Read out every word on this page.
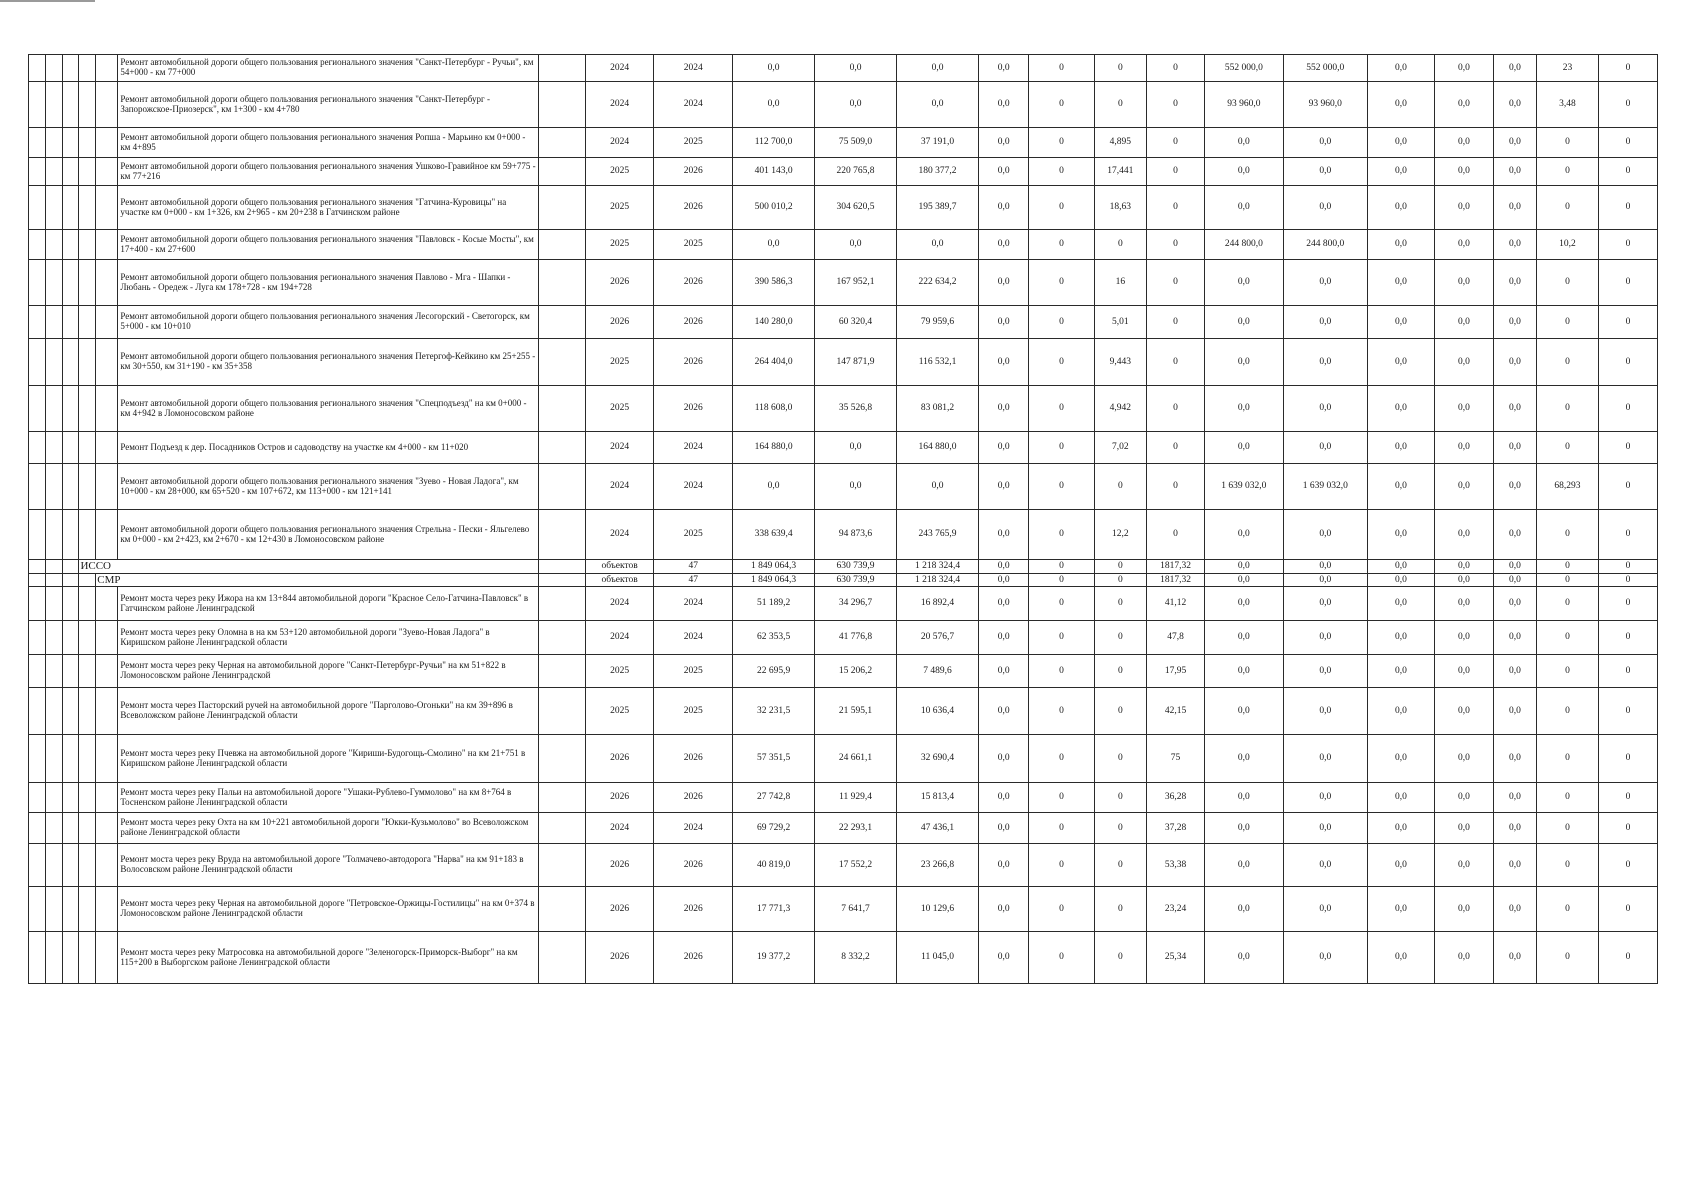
					Ремонт автомобильной дороги общего пользования регионального значения "Санкт-Петербург - Ручьи", км 54+000 - км 77+000		2024	2024	0,0	0,0	0,0	0,0	0	0	0	552 000,0	552 000,0	0,0	0,0	0,0	23	0
					Ремонт автомобильной дороги общего пользования регионального значения "Санкт-Петербург - Запорожское-Приозерск", км 1+300 - км 4+780		2024	2024	0,0	0,0	0,0	0,0	0	0	0	93 960,0	93 960,0	0,0	0,0	0,0	3,48	0
					Ремонт автомобильной дороги общего пользования регионального значения Ропша - Марьино км 0+000 - км 4+895		2024	2025	112 700,0	75 509,0	37 191,0	0,0	0	4,895	0	0,0	0,0	0,0	0,0	0,0	0	0
					Ремонт автомобильной дороги общего пользования регионального значения Ушково-Гравийное км 59+775 - км 77+216		2025	2026	401 143,0	220 765,8	180 377,2	0,0	0	17,441	0	0,0	0,0	0,0	0,0	0,0	0	0
					Ремонт автомобильной дороги общего пользования регионального значения "Гатчина-Куровицы" на участке км 0+000 - км 1+326, км 2+965 - км 20+238 в Гатчинском районе		2025	2026	500 010,2	304 620,5	195 389,7	0,0	0	18,63	0	0,0	0,0	0,0	0,0	0,0	0	0
					Ремонт автомобильной дороги общего пользования регионального значения "Павловск - Косые Мосты", км 17+400 - км 27+600		2025	2025	0,0	0,0	0,0	0,0	0	0	0	244 800,0	244 800,0	0,0	0,0	0,0	10,2	0
					Ремонт автомобильной дороги общего пользования регионального значения Павлово - Мга - Шапки - Любань - Оредеж - Луга км 178+728 - км 194+728		2026	2026	390 586,3	167 952,1	222 634,2	0,0	0	16	0	0,0	0,0	0,0	0,0	0,0	0	0
					Ремонт автомобильной дороги общего пользования регионального значения Лесогорский - Светогорск, км 5+000 - км 10+010		2026	2026	140 280,0	60 320,4	79 959,6	0,0	0	5,01	0	0,0	0,0	0,0	0,0	0,0	0	0
					Ремонт автомобильной дороги общего пользования регионального значения Петергоф-Кейкино км 25+255 - км 30+550, км 31+190 - км 35+358		2025	2026	264 404,0	147 871,9	116 532,1	0,0	0	9,443	0	0,0	0,0	0,0	0,0	0,0	0	0
					Ремонт автомобильной дороги общего пользования регионального значения "Спецподъезд" на км 0+000 - км 4+942 в Ломоносовском районе		2025	2026	118 608,0	35 526,8	83 081,2	0,0	0	4,942	0	0,0	0,0	0,0	0,0	0,0	0	0
					Ремонт Подъезд к дер. Посадников Остров и садоводству на участке км 4+000 - км 11+020		2024	2024	164 880,0	0,0	164 880,0	0,0	0	7,02	0	0,0	0,0	0,0	0,0	0,0	0	0
					Ремонт автомобильной дороги общего пользования регионального значения "Зуево - Новая Ладога", км 10+000 - км 28+000, км 65+520 - км 107+672, км 113+000 - км 121+141		2024	2024	0,0	0,0	0,0	0,0	0	0	0	1 639 032,0	1 639 032,0	0,0	0,0	0,0	68,293	0
					Ремонт автомобильной дороги общего пользования регионального значения Стрельна - Пески - Яльгелево км 0+000 - км 2+423, км 2+670 - км 12+430 в Ломоносовском районе		2024	2025	338 639,4	94 873,6	243 765,9	0,0	0	12,2	0	0,0	0,0	0,0	0,0	0,0	0	0
			ИССО				объектов	47	1 849 064,3	630 739,9	1 218 324,4	0,0	0	0	1817,32	0,0	0,0	0,0	0,0	0,0	0	0
				СМР			объектов	47	1 849 064,3	630 739,9	1 218 324,4	0,0	0	0	1817,32	0,0	0,0	0,0	0,0	0,0	0	0
					Ремонт моста через реку Ижора на км 13+844 автомобильной дороги "Красное Село-Гатчина-Павловск" в Гатчинском районе Ленинградской		2024	2024	51 189,2	34 296,7	16 892,4	0,0	0	0	41,12	0,0	0,0	0,0	0,0	0,0	0	0
					Ремонт моста через реку Оломна в на км 53+120 автомобильной дороги "Зуево-Новая Ладога" в Киришском районе Ленинградской области		2024	2024	62 353,5	41 776,8	20 576,7	0,0	0	0	47,8	0,0	0,0	0,0	0,0	0,0	0	0
					Ремонт моста через реку Черная на автомобильной дороге "Санкт-Петербург-Ручьи" на км 51+822 в Ломоносовском районе Ленинградской		2025	2025	22 695,9	15 206,2	7 489,6	0,0	0	0	17,95	0,0	0,0	0,0	0,0	0,0	0	0
					Ремонт моста через Пасторский ручей на автомобильной дороге "Парголово-Огоньки" на км 39+896 в Всеволожском районе Ленинградской области		2025	2025	32 231,5	21 595,1	10 636,4	0,0	0	0	42,15	0,0	0,0	0,0	0,0	0,0	0	0
					Ремонт моста через реку Пчевжа на автомобильной дороге "Кириши-Будогощь-Смолино" на км 21+751 в Киришском районе Ленинградской области		2026	2026	57 351,5	24 661,1	32 690,4	0,0	0	0	75	0,0	0,0	0,0	0,0	0,0	0	0
					Ремонт моста через реку Пальи на автомобильной дороге "Ушаки-Рублево-Гуммолово" на км 8+764 в Тосненском районе Ленинградской области		2026	2026	27 742,8	11 929,4	15 813,4	0,0	0	0	36,28	0,0	0,0	0,0	0,0	0,0	0	0
					Ремонт моста через реку Охта на км 10+221 автомобильной дороги "Юкки-Кузьмолово" во Всеволожском районе Ленинградской области		2024	2024	69 729,2	22 293,1	47 436,1	0,0	0	0	37,28	0,0	0,0	0,0	0,0	0,0	0	0
					Ремонт моста через реку Вруда на автомобильной дороге "Толмачево-автодорога "Нарва" на км 91+183 в Волосовском районе Ленинградской области		2026	2026	40 819,0	17 552,2	23 266,8	0,0	0	0	53,38	0,0	0,0	0,0	0,0	0,0	0	0
					Ремонт моста через реку Черная на автомобильной дороге "Петровское-Оржицы-Гостилицы" на км 0+374 в Ломоносовском районе Ленинградской области		2026	2026	17 771,3	7 641,7	10 129,6	0,0	0	0	23,24	0,0	0,0	0,0	0,0	0,0	0	0
					Ремонт моста через реку Матросовка на автомобильной дороге "Зеленогорск-Приморск-Выборг" на км 115+200 в Выборгском районе Ленинградской области		2026	2026	19 377,2	8 332,2	11 045,0	0,0	0	0	25,34	0,0	0,0	0,0	0,0	0,0	0	0
